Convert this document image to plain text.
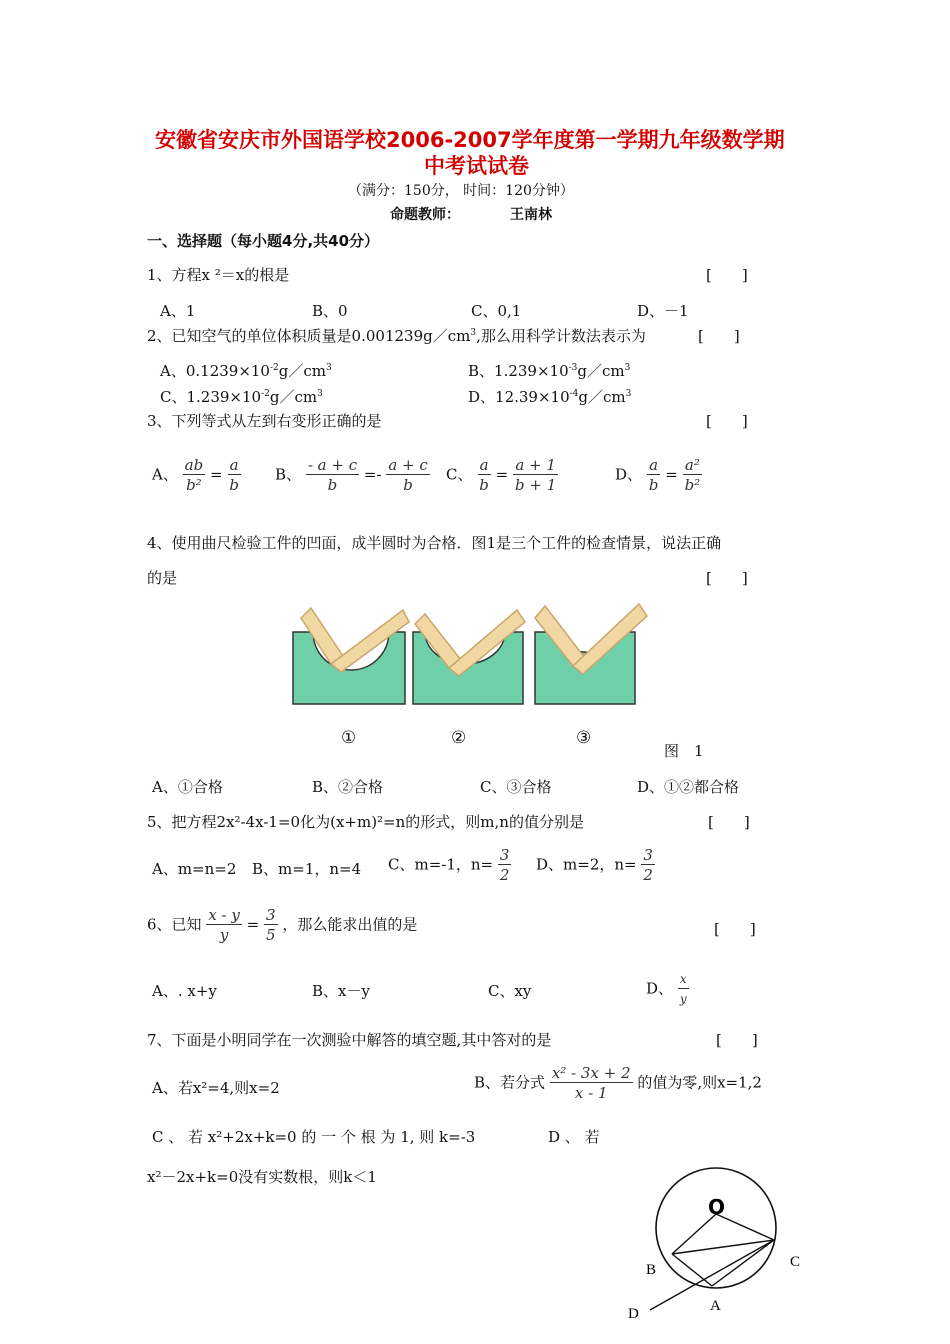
安徽省安庆市外国语学校2006-2007学年度第一学期九年级数学期
中考试试卷
（满分：150分， 时间：120分钟）
命题教师：	王南林
一、选择题（每小题4分,共40分）
1、方程x ²＝x的根是	[　　]
A、1	B、0	C、0,1	D、－1
2、已知空气的单位体积质量是$0.001239g/cm^3$,那么用科学计数法表示为	[　　]
A、$0.1239\times 10^{-2}g/cm^3$	B、$1.239\times 10^{-3}g/cm^3$
C、$1.239\times 10^{-2}g/cm^3$	D、$12.39\times 10^{-4}g/cm^3$
3、下列等式从左到右变形正确的是	[　　]
A、 $\frac{ab}{\text{b²}} = \frac{a}{b}$ B、 $\frac{- a + c}{b} =- \frac{a + c}{b}$ C、 $\frac{a}{b} = \frac{a + 1}{b + 1}$	D、 $\frac{a}{b} = \frac{\text{a²}}{\text{b²}}$
4、使用曲尺检验工件的凹面，成半圆时为合格．图1是三个工件的检查情景，说法正确
的是	[　　]
①	②	③
图　1
A、①合格	B、②合格	C、③合格	D、①②都合格
5、把方程2x²-4x-1=0化为(x+m)²=n的形式，则m,n的值分别是	[　　]
A、m=n=2 B、m=1，n=4 C、m=-1，$n= \frac{3}{2}$ D、m=2，$n= \frac{3}{2}$
6、已知 $\frac{x - y}{y} = \frac{3}{5}$ ，那么能求出值的是	[　　]
A、. x+y	B、x－y	C、xy	D、 $\frac{x}{y}$
7、下面是小明同学在一次测验中解答的填空题,其中答对的是	[　　]
A、若x²=4,则x=2	B、若分式 $\frac{\text{x² - 3x + 2}}{x - 1}$ 的值为零,则x=1,2
C 、 若 x²+2x+k=0 的 一 个 根 为 1, 则 k=-3	D 、 若
x²－2x+k=0没有实数根，则k＜1
O
B	C
D	A
